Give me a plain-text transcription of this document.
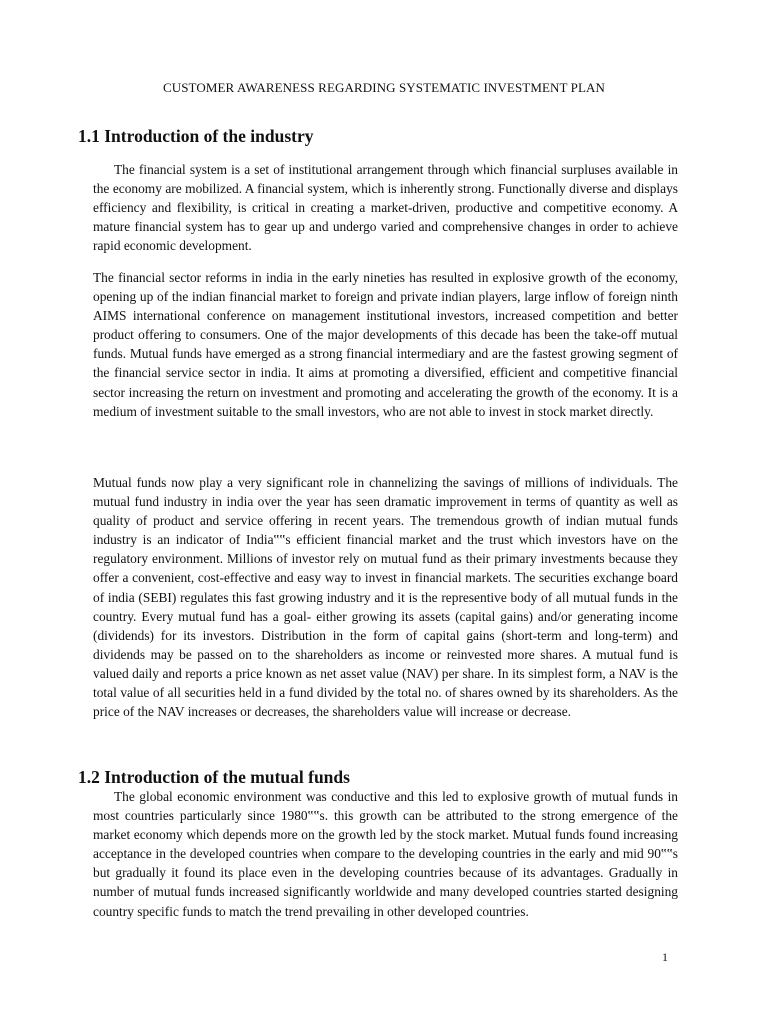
CUSTOMER AWARENESS REGARDING SYSTEMATIC INVESTMENT PLAN
1.1 Introduction of the industry

The financial system is a set of institutional arrangement through which financial surpluses available in the economy are mobilized. A financial system, which is inherently strong. Functionally diverse and displays efficiency and flexibility, is critical in creating a market-driven, productive and competitive economy. A mature financial system has to gear up and undergo varied and comprehensive changes in order to achieve rapid economic development.

The financial sector reforms in india in the early nineties has resulted in explosive growth of the economy, opening up of the indian financial market to foreign and private indian players, large inflow of foreign ninth AIMS international conference on management institutional investors, increased competition and better product offering to consumers. One of the major developments of this decade has been the take-off mutual funds. Mutual funds have emerged as a strong financial intermediary and are the fastest growing segment of the financial service sector in india. It aims at promoting a diversified, efficient and competitive financial sector increasing the return on investment and promoting and accelerating the growth of the economy. It is a medium of investment suitable to the small investors, who are not able to invest in stock market directly.

Mutual funds now play a very significant role in channelizing the savings of millions of individuals. The mutual fund industry in india over the year has seen dramatic improvement in terms of quantity as well as quality of product and service offering in recent years. The tremendous growth of indian mutual funds industry is an indicator of India‟‟s efficient financial market and the trust which investors have on the regulatory environment. Millions of investor rely on mutual fund as their primary investments because they offer a convenient, cost-effective and easy way to invest in financial markets. The securities exchange board of india (SEBI) regulates this fast growing industry and it is the representive body of all mutual funds in the country. Every mutual fund has a goal- either growing its assets (capital gains) and/or generating income (dividends) for its investors. Distribution in the form of capital gains (short-term and long-term) and dividends may be passed on to the shareholders as income or reinvested more shares. A mutual fund is valued daily and reports a price known as net asset value (NAV) per share. In its simplest form, a NAV is the total value of all securities held in a fund divided by the total no. of shares owned by its shareholders. As the price of the NAV increases or decreases, the shareholders value will increase or decrease.

1.2 Introduction of the mutual funds

The global economic environment was conductive and this led to explosive growth of mutual funds in most countries particularly since 1980‟‟s. this growth can be attributed to the strong emergence of the market economy which depends more on the growth led by the stock market. Mutual funds found increasing acceptance in the developed countries when compare to the developing countries in the early and mid 90‟‟s but gradually it found its place even in the developing countries because of its advantages. Gradually in number of mutual funds increased significantly worldwide and many developed countries started designing country specific funds to match the trend prevailing in other developed countries.

1
